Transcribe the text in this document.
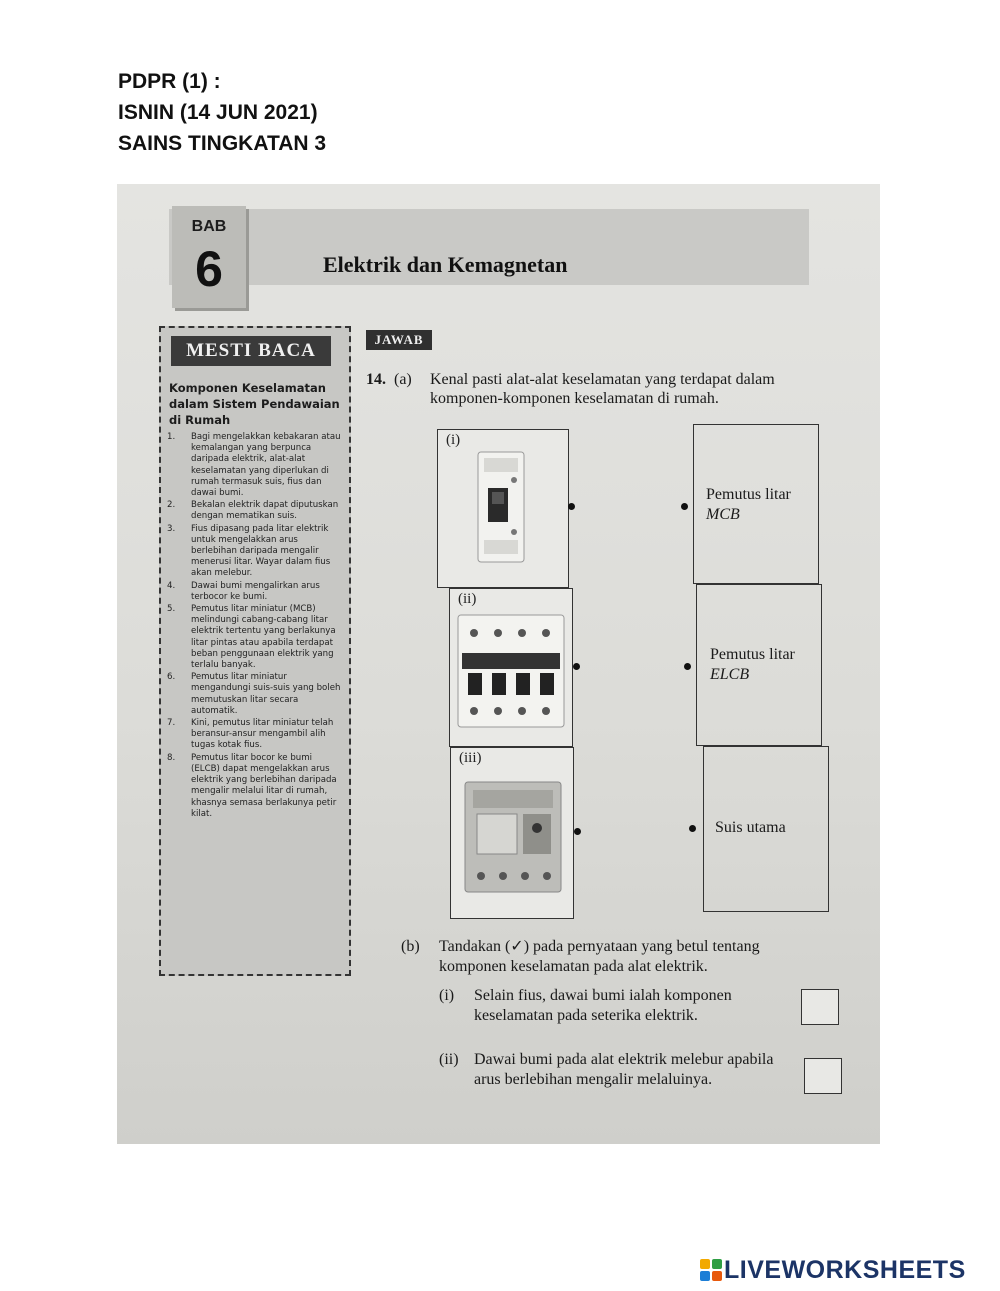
PDPR (1) :
ISNIN (14 JUN 2021)
SAINS TINGKATAN 3
BAB
6	Elektrik dan Kemagnetan
MESTI BACA
Komponen Keselamatan dalam Sistem Pendawaian di Rumah
1.	Bagi mengelakkan kebakaran atau kemalangan yang berpunca daripada elektrik, alat-alat keselamatan yang diperlukan di rumah termasuk suis, fius dan dawai bumi.
2.	Bekalan elektrik dapat diputuskan dengan mematikan suis.
3.	Fius dipasang pada litar elektrik untuk mengelakkan arus berlebihan daripada mengalir menerusi litar. Wayar dalam fius akan melebur.
4.	Dawai bumi mengalirkan arus terbocor ke bumi.
5.	Pemutus litar miniatur (MCB) melindungi cabang-cabang litar elektrik tertentu yang berlakunya litar pintas atau apabila terdapat beban penggunaan elektrik yang terlalu banyak.
6.	Pemutus litar miniatur mengandungi suis-suis yang boleh memutuskan litar secara automatik.
7.	Kini, pemutus litar miniatur telah beransur-ansur mengambil alih tugas kotak fius.
8.	Pemutus litar bocor ke bumi (ELCB) dapat mengelakkan arus elektrik yang berlebihan daripada mengalir melalui litar di rumah, khasnya semasa berlakunya petir kilat.
JAWAB
14. (a) Kenal pasti alat-alat keselamatan yang terdapat dalam komponen-komponen keselamatan di rumah.
(i)
(ii)
(iii)
Pemutus litar
MCB
Pemutus litar
ELCB
Suis utama
(b) Tandakan (✓) pada pernyataan yang betul tentang komponen keselamatan pada alat elektrik.
(i) Selain fius, dawai bumi ialah komponen keselamatan pada seterika elektrik.
(ii) Dawai bumi pada alat elektrik melebur apabila arus berlebihan mengalir melaluinya.
LIVEWORKSHEETS
